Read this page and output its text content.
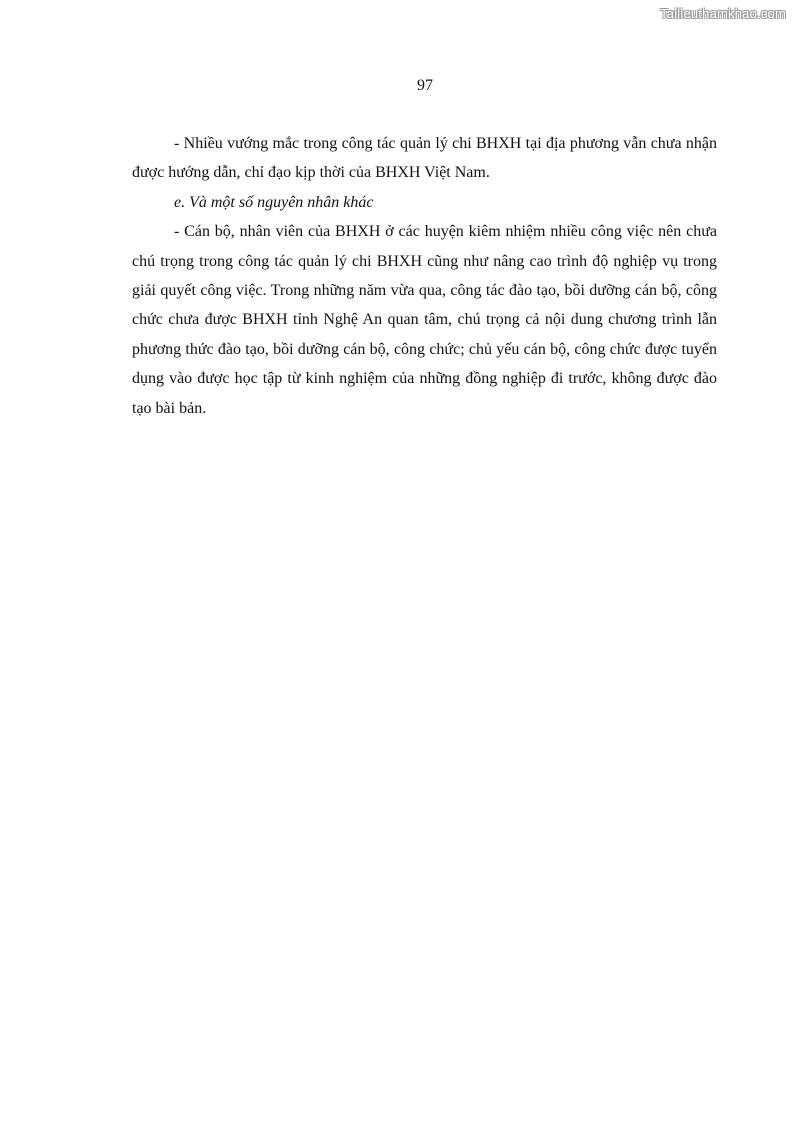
Tailieuthamkhao.com
97

- Nhiều vướng mắc trong công tác quản lý chi BHXH tại địa phương vẫn chưa nhận được hướng dẫn, chỉ đạo kịp thời của BHXH Việt Nam.

e. Và một số nguyên nhân khác

- Cán bộ, nhân viên của BHXH ở các huyện kiêm nhiệm nhiều công việc nên chưa chú trọng trong công tác quản lý chi BHXH cũng như nâng cao trình độ nghiệp vụ trong giải quyết công việc. Trong những năm vừa qua, công tác đào tạo, bồi dưỡng cán bộ, công chức chưa được BHXH tỉnh Nghệ An quan tâm, chú trọng cả nội dung chương trình lẫn phương thức đào tạo, bồi dưỡng cán bộ, công chức; chủ yếu cán bộ, công chức được tuyển dụng vào được học tập từ kinh nghiệm của những đồng nghiệp đi trước, không được đào tạo bài bản.
